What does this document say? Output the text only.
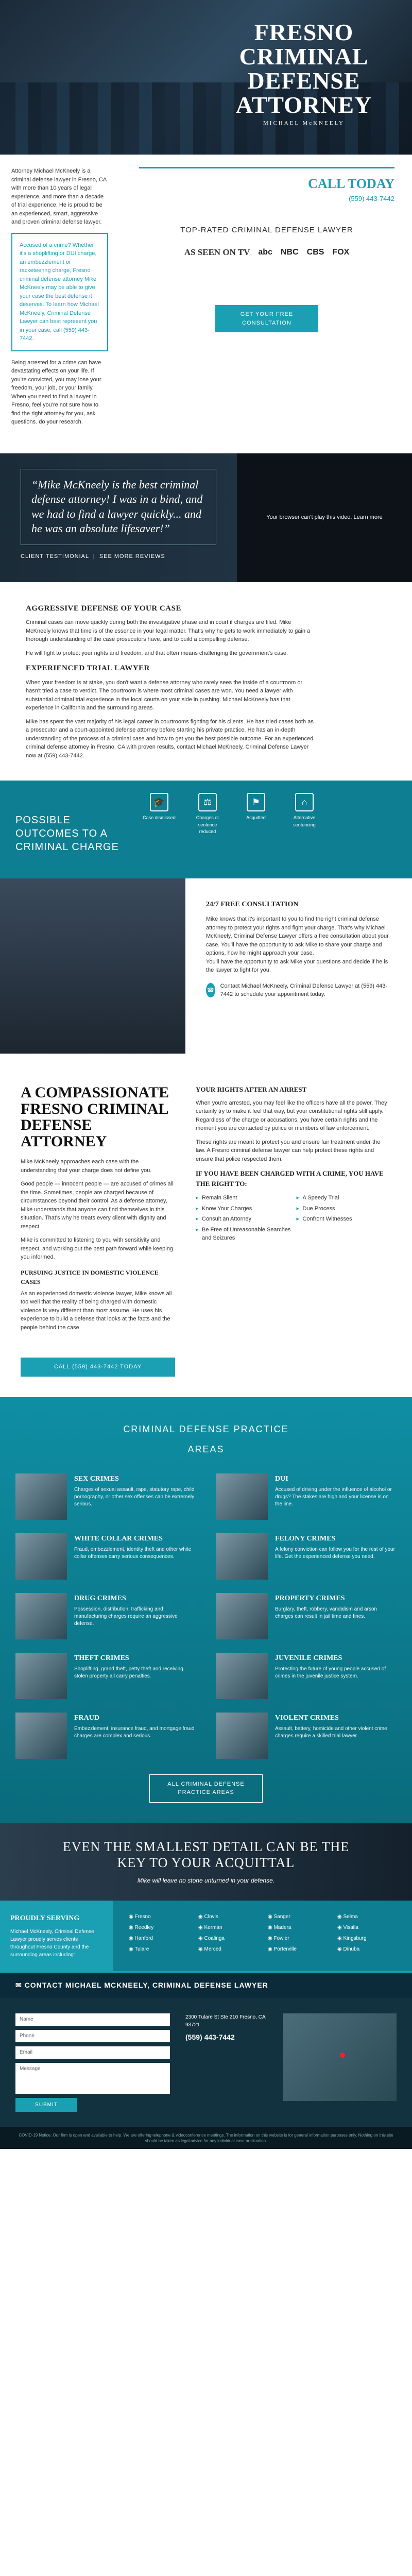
FRESNO
CRIMINAL
DEFENSE
ATTORNEY
MICHAEL McKNEELY

Attorney Michael McKneely is a criminal defense lawyer in Fresno, CA with more than 10 years of legal experience, and more than a decade of trial experience. He is proud to be an experienced, smart, aggressive and proven criminal defense lawyer.

Accused of a crime? Whether it's a shoplifting or DUI charge, an embezzlement or racketeering charge, Fresno criminal defense attorney Mike McKneely may be able to give your case the best defense it deserves. To learn how Michael McKneely, Criminal Defense Lawyer can best represent you in your case, call (559) 443-7442.

Being arrested for a crime can have devastating effects on your life. If you're convicted, you may lose your freedom, your job, or your family. When you need to find a lawyer in Fresno, feel you're not sure how to find the right attorney for you, ask questions. do your research.

CALL TODAY
(559) 443-7442
TOP-RATED CRIMINAL DEFENSE LAWYER
AS SEEN ON TV abc NBC CBS FOX
GET YOUR FREE CONSULTATION
“Mike McKneely is the best criminal defense attorney! I was in a bind, and we had to find a lawyer quickly... and he was an absolute lifesaver!”
CLIENT TESTIMONIAL  |  SEE MORE REVIEWS
Your browser can't play this video. Learn more
AGGRESSIVE DEFENSE OF YOUR CASE

Criminal cases can move quickly during both the investigative phase and in court if charges are filed. Mike McKneely knows that time is of the essence in your legal matter. That's why he gets to work immediately to gain a thorough understanding of the case prosecutors have, and to build a compelling defense.

He will fight to protect your rights and freedom, and that often means challenging the government's case.

EXPERIENCED TRIAL LAWYER

When your freedom is at stake, you don't want a defense attorney who rarely sees the inside of a courtroom or hasn't tried a case to verdict. The courtroom is where most criminal cases are won. You need a lawyer with substantial criminal trial experience in the local courts on your side in pushing. Michael McKneely has that experience in California and the surrounding areas.

Mike has spent the vast majority of his legal career in courtrooms fighting for his clients. He has tried cases both as a prosecutor and a court-appointed defense attorney before starting his private practice. He has an in-depth understanding of the process of a criminal case and how to get you the best possible outcome. For an experienced criminal defense attorney in Fresno, CA with proven results, contact Michael McKneely, Criminal Defense Lawyer now at (559) 443-7442.

POSSIBLE OUTCOMES TO A CRIMINAL CHARGE
🎓
Case dismissed
⚖
Charges or sentence reduced
⚑
Acquitted
⌂
Alternative sentencing
24/7 FREE CONSULTATION

Mike knows that it's important to you to find the right criminal defense attorney to protect your rights and fight your charge. That's why Michael McKneely, Criminal Defense Lawyer offers a free consultation about your case. You'll have the opportunity to ask Mike to share your charge and options, how he might approach your case.

You'll have the opportunity to ask Mike your questions and decide if he is the lawyer to fight for you.

☎
Contact Michael McKneely, Criminal Defense Lawyer at (559) 443-7442 to schedule your appointment today.
A COMPASSIONATE FRESNO CRIMINAL DEFENSE ATTORNEY

Mike McKneely approaches each case with the understanding that your charge does not define you.

Good people — innocent people — are accused of crimes all the time. Sometimes, people are charged because of circumstances beyond their control. As a defense attorney, Mike understands that anyone can find themselves in this situation. That's why he treats every client with dignity and respect.

Mike is committed to listening to you with sensitivity and respect, and working out the best path forward while keeping you informed.

PURSUING JUSTICE IN DOMESTIC VIOLENCE CASES

As an experienced domestic violence lawyer, Mike knows all too well that the reality of being charged with domestic violence is very different than most assume. He uses his experience to build a defense that looks at the facts and the people behind the case.

YOUR RIGHTS AFTER AN ARREST

When you're arrested, you may feel like the officers have all the power. They certainly try to make it feel that way, but your constitutional rights still apply. Regardless of the charge or accusations, you have certain rights and the moment you are contacted by police or members of law enforcement.

These rights are meant to protect you and ensure fair treatment under the law. A Fresno criminal defense lawyer can help protect these rights and ensure that police respected them.

IF YOU HAVE BEEN CHARGED WITH A CRIME, YOU HAVE THE RIGHT TO:
▸ Remain Silent
▸ Know Your Charges
▸ Consult an Attorney
▸ Be Free of Unreasonable Searches and Seizures
▸ A Speedy Trial
▸ Due Process
▸ Confront Witnesses
CALL (559) 443-7442 TODAY
CRIMINAL DEFENSE PRACTICE
AREAS
SEX CRIMES

Charges of sexual assault, rape, statutory rape, child pornography, or other sex offenses can be extremely serious.

DUI

Accused of driving under the influence of alcohol or drugs? The stakes are high and your license is on the line.

WHITE COLLAR CRIMES

Fraud, embezzlement, identity theft and other white collar offenses carry serious consequences.

FELONY CRIMES

A felony conviction can follow you for the rest of your life. Get the experienced defense you need.

DRUG CRIMES

Possession, distribution, trafficking and manufacturing charges require an aggressive defense.

PROPERTY CRIMES

Burglary, theft, robbery, vandalism and arson charges can result in jail time and fines.

THEFT CRIMES

Shoplifting, grand theft, petty theft and receiving stolen property all carry penalties.

JUVENILE CRIMES

Protecting the future of young people accused of crimes in the juvenile justice system.

FRAUD

Embezzlement, insurance fraud, and mortgage fraud charges are complex and serious.

VIOLENT CRIMES

Assault, battery, homicide and other violent crime charges require a skilled trial lawyer.

ALL CRIMINAL DEFENSE PRACTICE AREAS
EVEN THE SMALLEST DETAIL CAN BE THE
KEY TO YOUR ACQUITTAL

Mike will leave no stone unturned in your defense.

PROUDLY SERVING

Michael McKneely, Criminal Defense Lawyer proudly serves clients throughout Fresno County and the surrounding areas including:

◉ Fresno	◉ Clovis	◉ Sanger	◉ Selma
◉ Reedley	◉ Kerman	◉ Madera	◉ Visalia
◉ Hanford	◉ Coalinga	◉ Fowler	◉ Kingsburg
◉ Tulare	◉ Merced	◉ Porterville	◉ Dinuba
✉ CONTACT MICHAEL MCKNEELY, CRIMINAL DEFENSE LAWYER
Name
Phone
Email
Message
SUBMIT
2300 Tulare St Ste 210 Fresno, CA 93721
(559) 443-7442
COVID-19 Notice: Our firm is open and available to help. We are offering telephone & videoconference meetings. The information on this website is for general information purposes only. Nothing on this site should be taken as legal advice for any individual case or situation.
